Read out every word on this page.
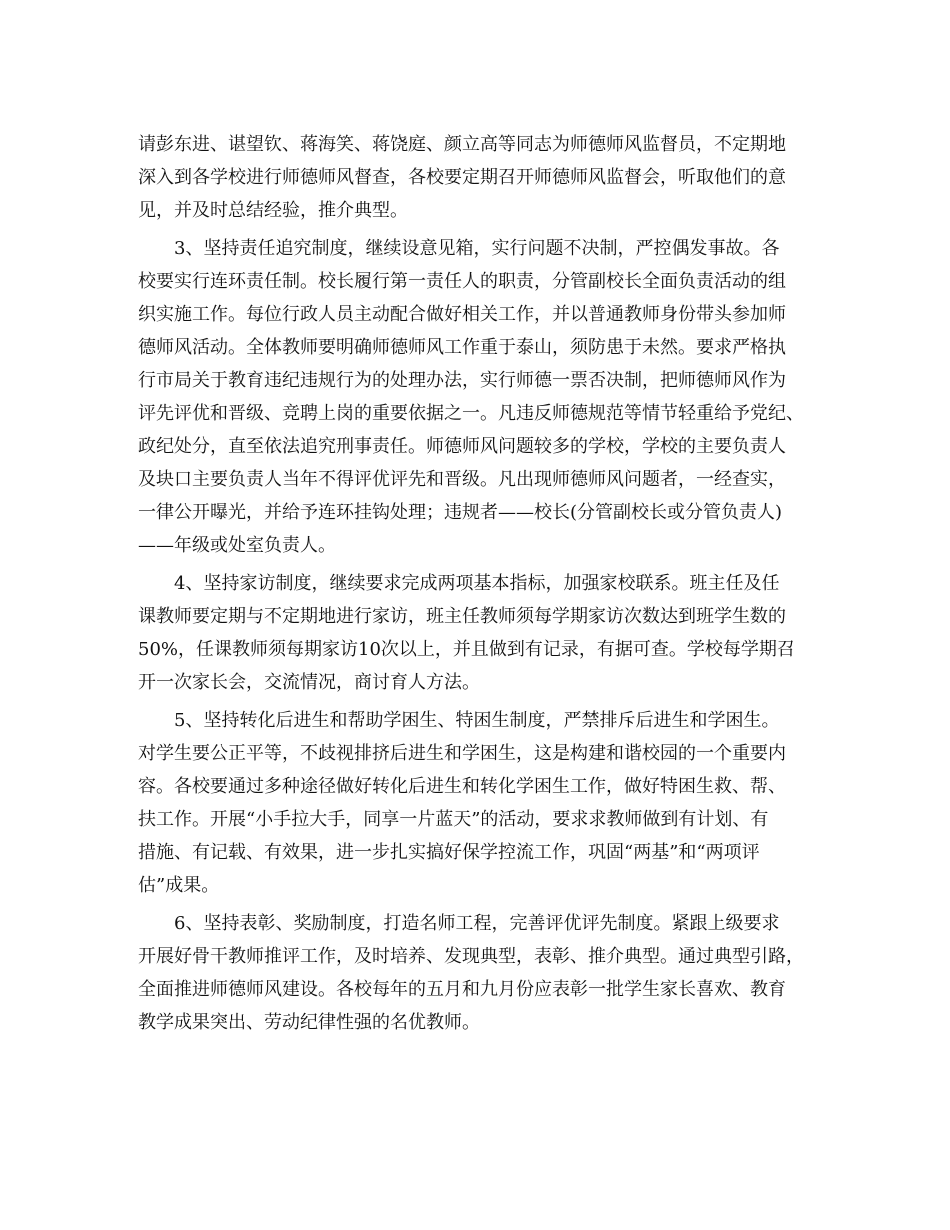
请彭东进、谌望钦、蒋海笑、蒋饶庭、颜立高等同志为师德师风监督员，不定期地
深入到各学校进行师德师风督查，各校要定期召开师德师风监督会，听取他们的意
见，并及时总结经验，推介典型。
　　3、坚持责任追究制度，继续设意见箱，实行问题不决制，严控偶发事故。各
校要实行连环责任制。校长履行第一责任人的职责，分管副校长全面负责活动的组
织实施工作。每位行政人员主动配合做好相关工作，并以普通教师身份带头参加师
德师风活动。全体教师要明确师德师风工作重于泰山，须防患于未然。要求严格执
行市局关于教育违纪违规行为的处理办法，实行师德一票否决制，把师德师风作为
评先评优和晋级、竞聘上岗的重要依据之一。凡违反师德规范等情节轻重给予党纪、
政纪处分，直至依法追究刑事责任。师德师风问题较多的学校，学校的主要负责人
及块口主要负责人当年不得评优评先和晋级。凡出现师德师风问题者，一经查实，
一律公开曝光，并给予连环挂钩处理；违规者——校长(分管副校长或分管负责人)
——年级或处室负责人。
　　4、坚持家访制度，继续要求完成两项基本指标，加强家校联系。班主任及任
课教师要定期与不定期地进行家访，班主任教师须每学期家访次数达到班学生数的
50%，任课教师须每期家访10次以上，并且做到有记录，有据可查。学校每学期召
开一次家长会，交流情况，商讨育人方法。
　　5、坚持转化后进生和帮助学困生、特困生制度，严禁排斥后进生和学困生。
对学生要公正平等，不歧视排挤后进生和学困生，这是构建和谐校园的一个重要内
容。各校要通过多种途径做好转化后进生和转化学困生工作，做好特困生救、帮、
扶工作。开展“小手拉大手，同享一片蓝天”的活动，要求求教师做到有计划、有
措施、有记载、有效果，进一步扎实搞好保学控流工作，巩固“两基”和“两项评
估”成果。
　　6、坚持表彰、奖励制度，打造名师工程，完善评优评先制度。紧跟上级要求
开展好骨干教师推评工作，及时培养、发现典型，表彰、推介典型。通过典型引路，
全面推进师德师风建设。各校每年的五月和九月份应表彰一批学生家长喜欢、教育
教学成果突出、劳动纪律性强的名优教师。
